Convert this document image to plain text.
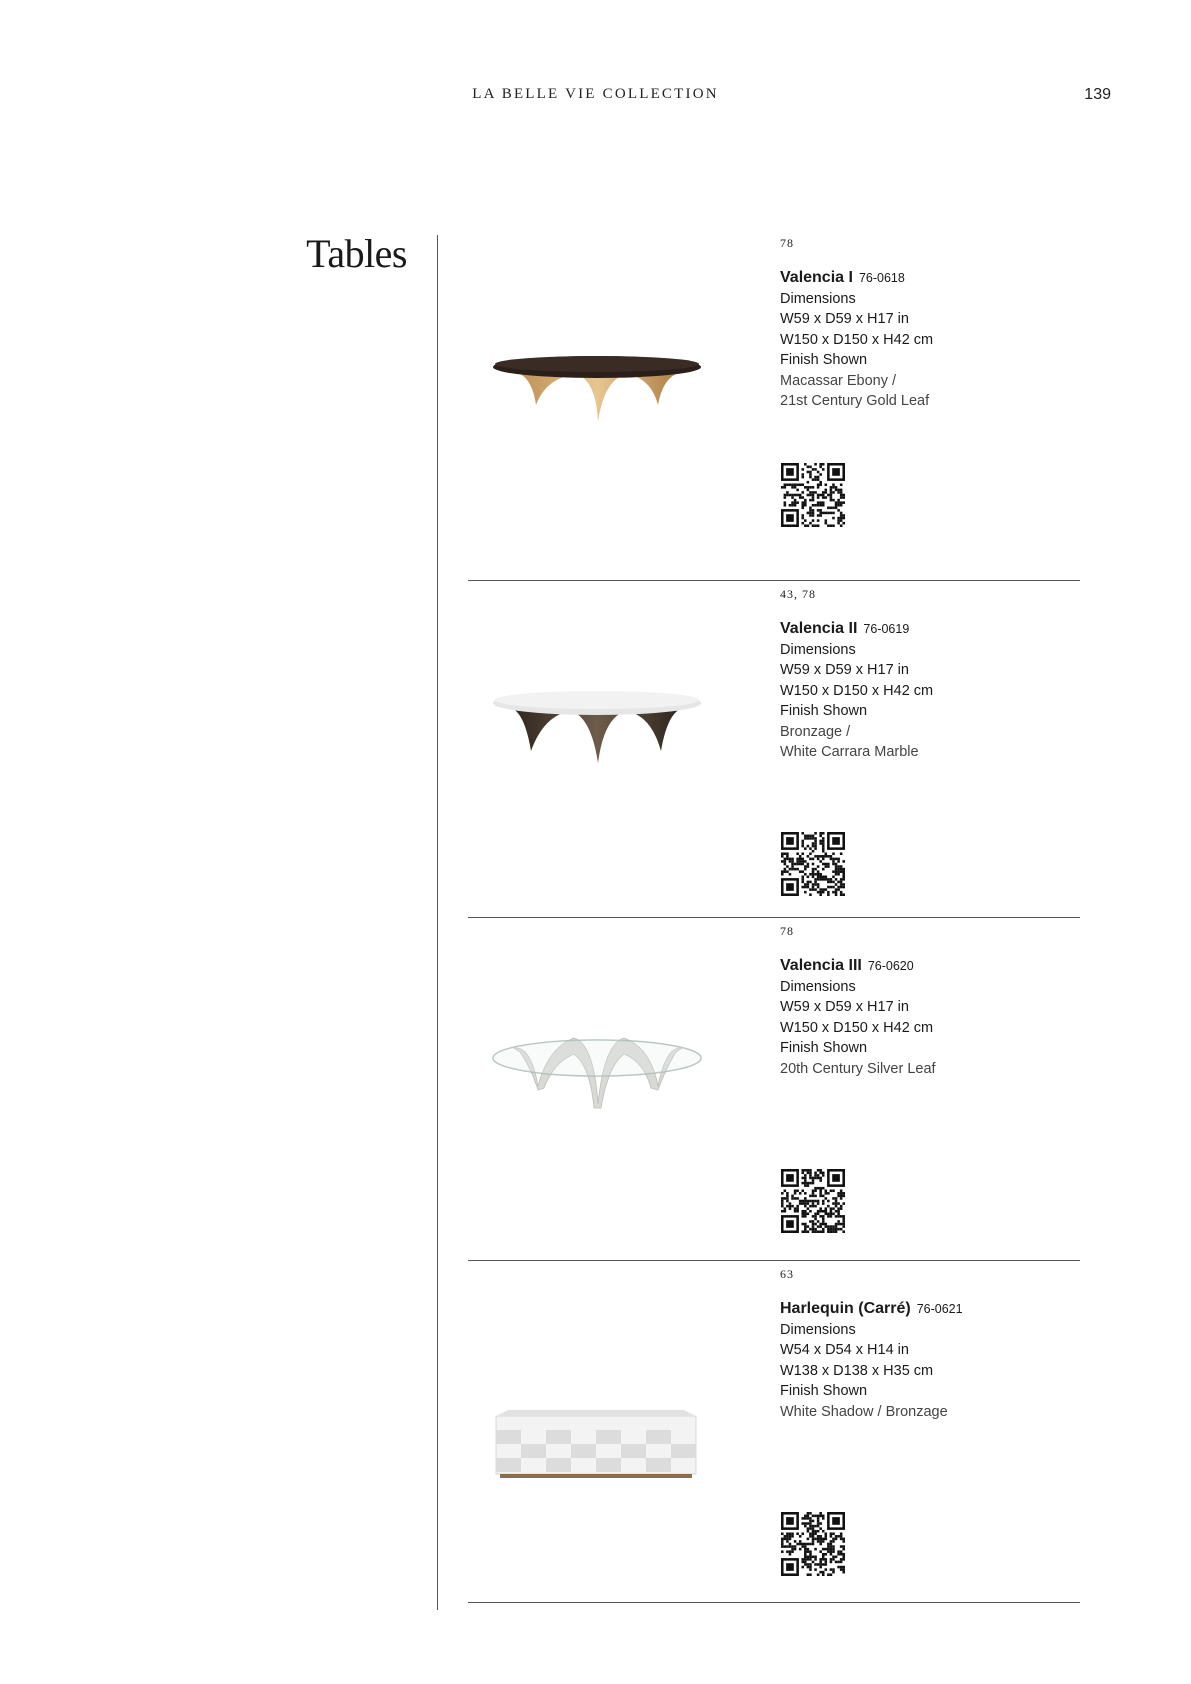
LA BELLE VIE COLLECTION	139
Tables	78
Valencia I 76-0618
Dimensions
W59 x D59 x H17 in
W150 x D150 x H42 cm
Finish Shown
Macassar Ebony /
21st Century Gold Leaf
43, 78
Valencia II 76-0619
Dimensions
W59 x D59 x H17 in
W150 x D150 x H42 cm
Finish Shown
Bronzage /
White Carrara Marble
78
Valencia III 76-0620
Dimensions
W59 x D59 x H17 in
W150 x D150 x H42 cm
Finish Shown
20th Century Silver Leaf
63
Harlequin (Carré) 76-0621
Dimensions
W54 x D54 x H14 in
W138 x D138 x H35 cm
Finish Shown
White Shadow / Bronzage
